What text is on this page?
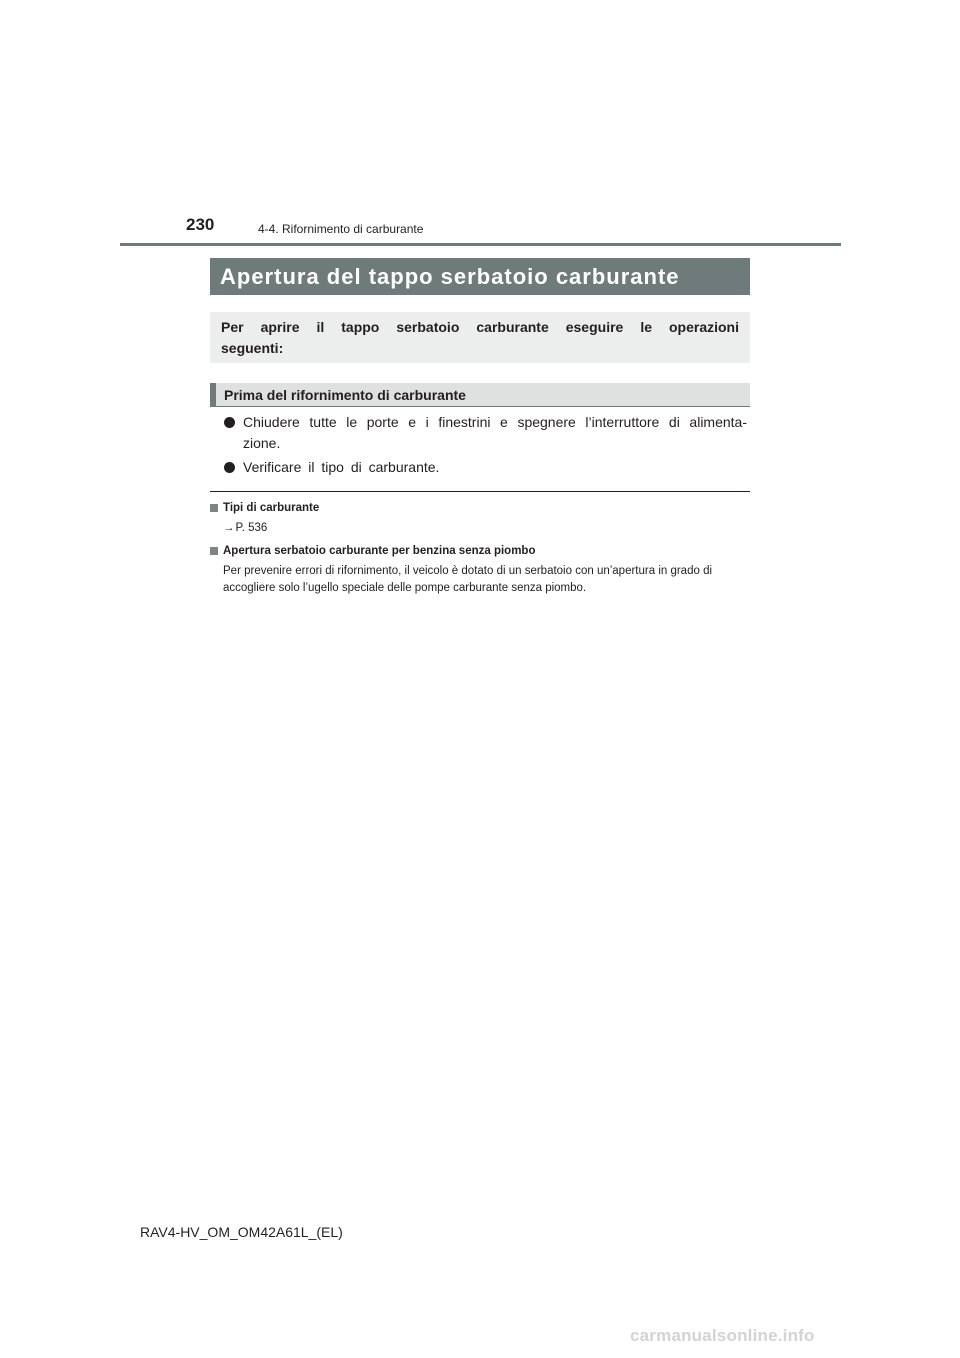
230	4-4. Rifornimento di carburante
Apertura del tappo serbatoio carburante
Per aprire il tappo serbatoio carburante eseguire le operazioni seguenti:
Prima del rifornimento di carburante
Chiudere tutte le porte e i finestrini e spegnere l’interruttore di alimenta- zione.
Verificare il tipo di carburante.
Tipi di carburante
→P. 536
Apertura serbatoio carburante per benzina senza piombo
Per prevenire errori di rifornimento, il veicolo è dotato di un serbatoio con un’apertura in grado di accogliere solo l’ugello speciale delle pompe carburante senza piombo.
RAV4-HV_OM_OM42A61L_(EL)
carmanualsonline.info
